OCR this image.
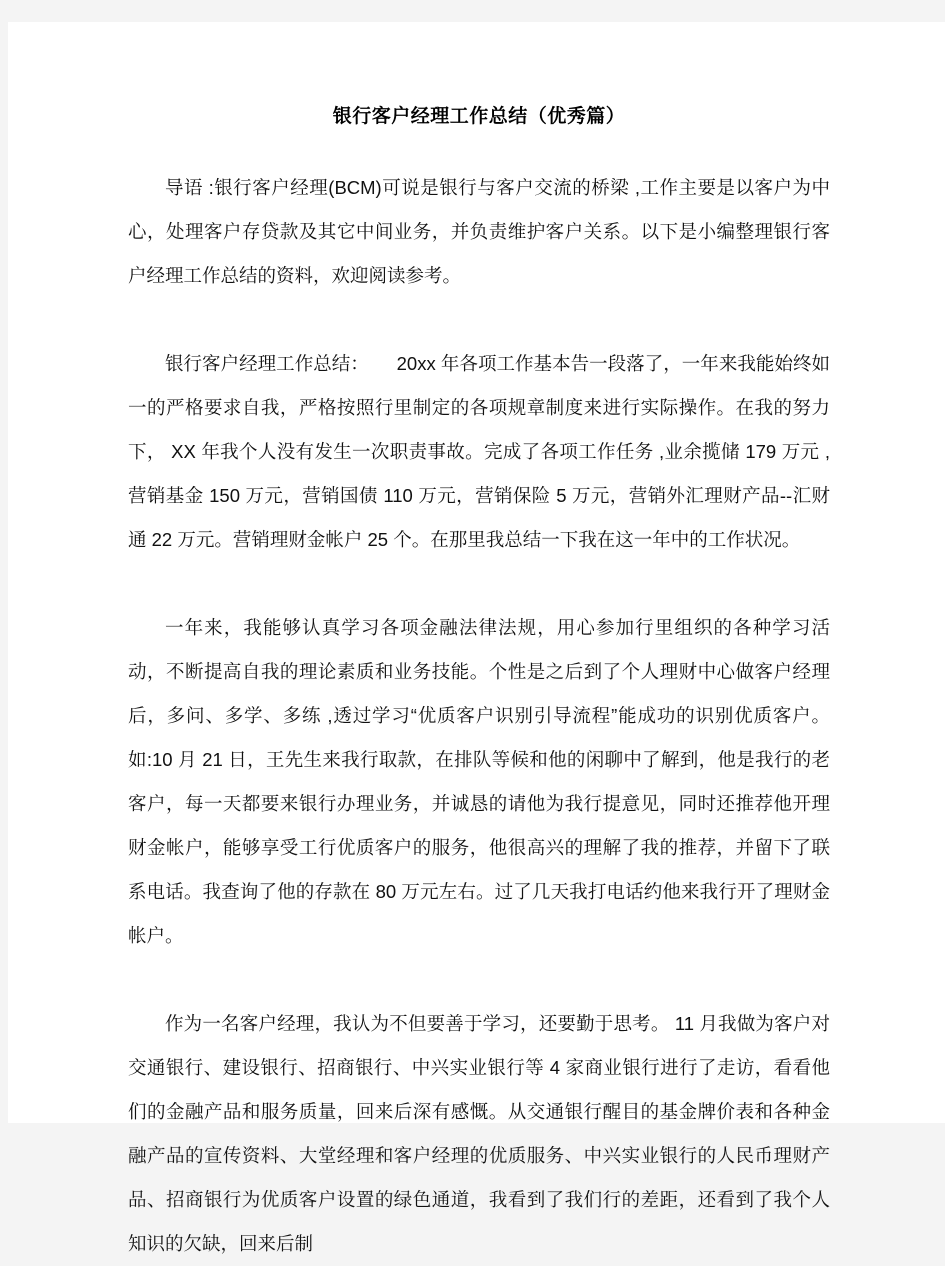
银行客户经理工作总结（优秀篇）

导语 :银行客户经理(BCM)可说是银行与客户交流的桥梁 ,工作主要是以客户为中心，处理客户存贷款及其它中间业务，并负责维护客户关系。以下是小编整理银行客户经理工作总结的资料，欢迎阅读参考。

银行客户经理工作总结：　　20xx 年各项工作基本告一段落了，一年来我能始终如一的严格要求自我，严格按照行里制定的各项规章制度来进行实际操作。在我的努力下， XX 年我个人没有发生一次职责事故。完成了各项工作任务 ,业余揽储 179 万元 ,营销基金 150 万元，营销国债 110 万元，营销保险 5 万元，营销外汇理财产品--汇财通 22 万元。营销理财金帐户 25 个。在那里我总结一下我在这一年中的工作状况。

一年来，我能够认真学习各项金融法律法规，用心参加行里组织的各种学习活动，不断提高自我的理论素质和业务技能。个性是之后到了个人理财中心做客户经理后，多问、多学、多练 ,透过学习“优质客户识别引导流程”能成功的识别优质客户。如:10 月 21 日，王先生来我行取款，在排队等候和他的闲聊中了解到，他是我行的老客户，每一天都要来银行办理业务，并诚恳的请他为我行提意见，同时还推荐他开理财金帐户，能够享受工行优质客户的服务，他很高兴的理解了我的推荐，并留下了联系电话。我查询了他的存款在 80 万元左右。过了几天我打电话约他来我行开了理财金帐户。

作为一名客户经理，我认为不但要善于学习，还要勤于思考。 11 月我做为客户对交通银行、建设银行、招商银行、中兴实业银行等 4 家商业银行进行了走访，看看他们的金融产品和服务质量，回来后深有感慨。从交通银行醒目的基金牌价表和各种金融产品的宣传资料、大堂经理和客户经理的优质服务、中兴实业银行的人民币理财产品、招商银行为优质客户设置的绿色通道，我看到了我们行的差距，还看到了我个人知识的欠缺，回来后制
